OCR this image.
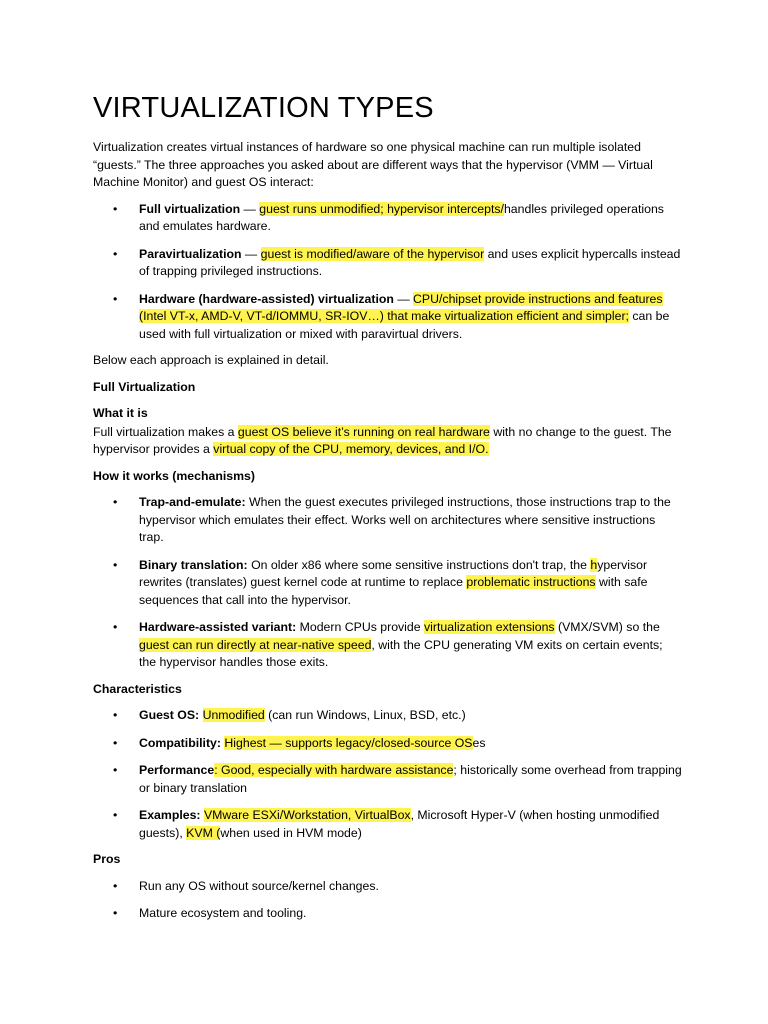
VIRTUALIZATION TYPES

Virtualization creates virtual instances of hardware so one physical machine can run multiple isolated “guests.” The three approaches you asked about are different ways that the hypervisor (VMM — Virtual Machine Monitor) and guest OS interact:

• Full virtualization — guest runs unmodified; hypervisor intercepts/handles privileged operations and emulates hardware.
• Paravirtualization — guest is modified/aware of the hypervisor and uses explicit hypercalls instead of trapping privileged instructions.
• Hardware (hardware-assisted) virtualization — CPU/chipset provide instructions and features (Intel VT-x, AMD-V, VT-d/IOMMU, SR-IOV…) that make virtualization efficient and simpler; can be used with full virtualization or mixed with paravirtual drivers.

Below each approach is explained in detail.

Full Virtualization
What it is

Full virtualization makes a guest OS believe it’s running on real hardware with no change to the guest. The hypervisor provides a virtual copy of the CPU, memory, devices, and I/O.

How it works (mechanisms)
• Trap-and-emulate: When the guest executes privileged instructions, those instructions trap to the hypervisor which emulates their effect. Works well on architectures where sensitive instructions trap.
• Binary translation: On older x86 where some sensitive instructions don't trap, the hypervisor rewrites (translates) guest kernel code at runtime to replace problematic instructions with safe sequences that call into the hypervisor.
• Hardware-assisted variant: Modern CPUs provide virtualization extensions (VMX/SVM) so the guest can run directly at near-native speed, with the CPU generating VM exits on certain events; the hypervisor handles those exits.
Characteristics
• Guest OS: Unmodified (can run Windows, Linux, BSD, etc.)
• Compatibility: Highest — supports legacy/closed-source OSes
• Performance: Good, especially with hardware assistance; historically some overhead from trapping or binary translation
• Examples: VMware ESXi/Workstation, VirtualBox, Microsoft Hyper-V (when hosting unmodified guests), KVM (when used in HVM mode)
Pros
• Run any OS without source/kernel changes.
• Mature ecosystem and tooling.
